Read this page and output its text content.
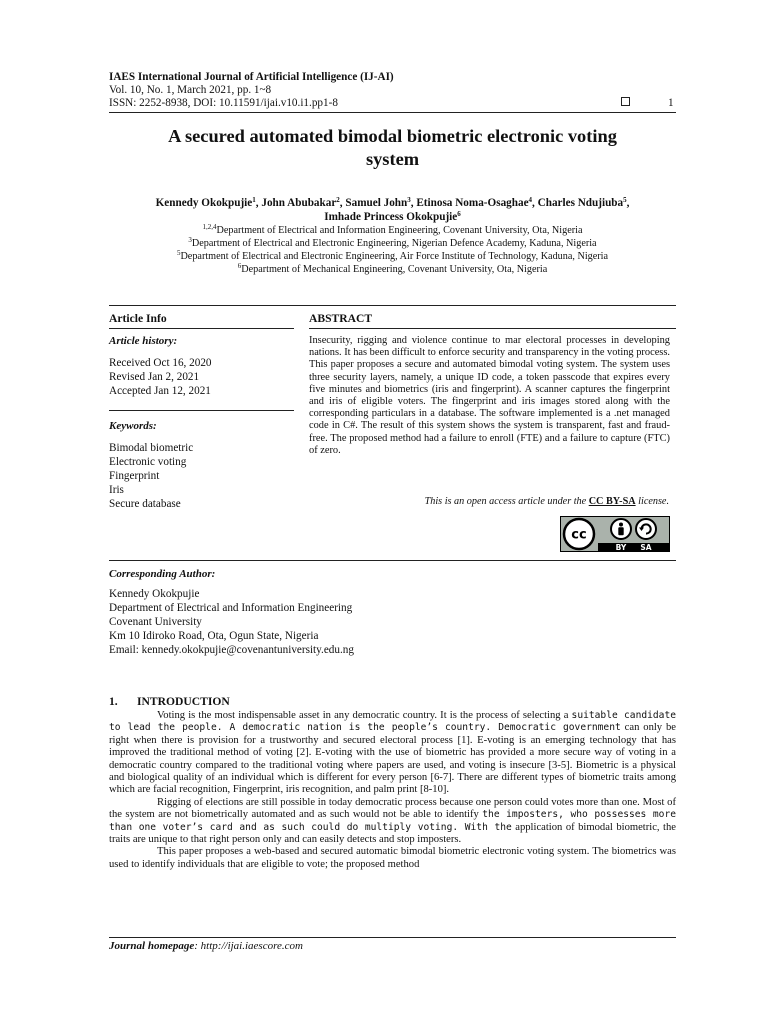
IAES International Journal of Artificial Intelligence (IJ-AI)
Vol. 10, No. 1, March 2021, pp. 1~8
ISSN: 2252-8938, DOI: 10.11591/ijai.v10.i1.pp1-8	1
A secured automated bimodal biometric electronic voting
system
Kennedy Okokpujie$^1$, John Abubakar$^2$, Samuel John$^3$, Etinosa Noma-Osaghae$^4$, Charles Ndujiuba$^5$,
Imhade Princess Okokpujie$^6$
$^{1,2,4}$Department of Electrical and Information Engineering, Covenant University, Ota, Nigeria
$^3$Department of Electrical and Electronic Engineering, Nigerian Defence Academy, Kaduna, Nigeria
$^5$Department of Electrical and Electronic Engineering, Air Force Institute of Technology, Kaduna, Nigeria
$^6$Department of Mechanical Engineering, Covenant University, Ota, Nigeria
Article Info
Article history:
Received Oct 16, 2020
Revised Jan 2, 2021
Accepted Jan 12, 2021
Keywords:
Bimodal biometric
Electronic voting
Fingerprint
Iris
Secure database
ABSTRACT
Insecurity, rigging and violence continue to mar electoral processes in developing nations. It has been difficult to enforce security and transparency in the voting process. This paper proposes a secure and automated bimodal voting system. The system uses three security layers, namely, a unique ID code, a token passcode that expires every five minutes and biometrics (iris and fingerprint). A scanner captures the fingerprint and iris of eligible voters. The fingerprint and iris images stored along with the corresponding particulars in a database. The software implemented is a .net managed code in C#. The result of this system shows the system is transparent, fast and fraud-free. The proposed method had a failure to enroll (FTE) and a failure to capture (FTC) of zero.
This is an open access article under the CC BY-SA license.
cc
BY SA
Corresponding Author:
Kennedy Okokpujie
Department of Electrical and Information Engineering
Covenant University
Km 10 Idiroko Road, Ota, Ogun State, Nigeria
Email: kennedy.okokpujie@covenantuniversity.edu.ng
1. INTRODUCTION

Voting is the most indispensable asset in any democratic country. It is the process of selecting a suitable candidate to lead the people. A democratic nation is the people’s country. Democratic government can only be right when there is provision for a trustworthy and secured electoral process [1]. E-voting is an emerging technology that has improved the traditional method of voting [2]. E-voting with the use of biometric has provided a more secure way of voting in a democratic country compared to the traditional voting where papers are used, and voting is insecure [3-5]. Biometric is a physical and biological quality of an individual which is different for every person [6-7]. There are different types of biometric traits among which are facial recognition, Fingerprint, iris recognition, and palm print [8-10].

Rigging of elections are still possible in today democratic process because one person could votes more than one. Most of the system are not biometrically automated and as such would not be able to identify the imposters, who possesses more than one voter’s card and as such could do multiply voting. With the application of bimodal biometric, the traits are unique to that right person only and can easily detects and stop imposters.

This paper proposes a web-based and secured automatic bimodal biometric electronic voting system. The biometrics was used to identify individuals that are eligible to vote; the proposed method

Journal homepage: http://ijai.iaescore.com
